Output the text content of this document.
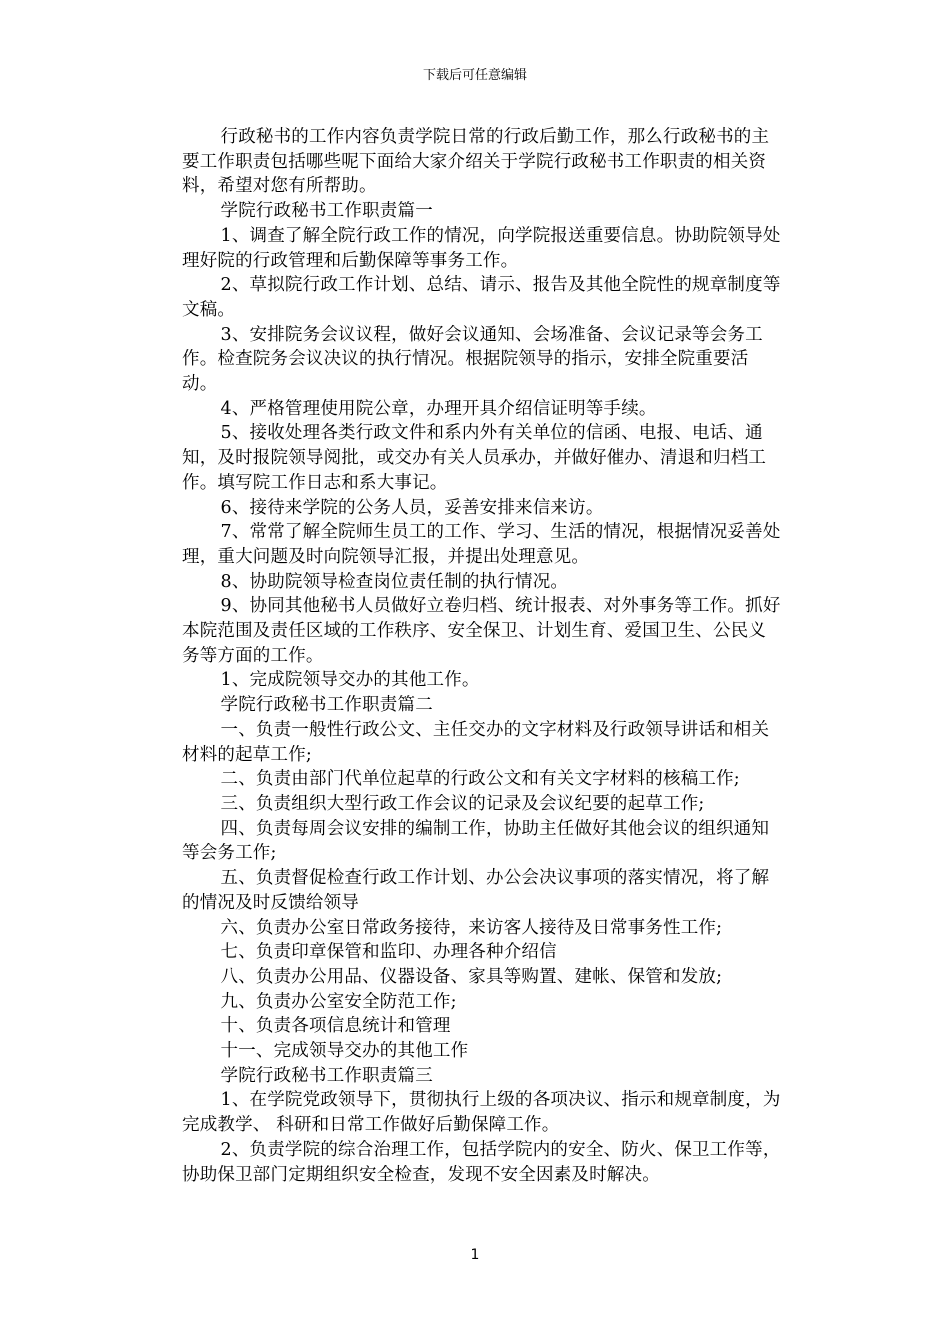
下载后可任意编辑

行政秘书的工作内容负责学院日常的行政后勤工作，那么行政秘书的主要工作职责包括哪些呢下面给大家介绍关于学院行政秘书工作职责的相关资料，希望对您有所帮助。

学院行政秘书工作职责篇一

1、调查了解全院行政工作的情况，向学院报送重要信息。协助院领导处理好院的行政管理和后勤保障等事务工作。

2、草拟院行政工作计划、总结、请示、报告及其他全院性的规章制度等文稿。

3、安排院务会议议程，做好会议通知、会场准备、会议记录等会务工作。检查院务会议决议的执行情况。根据院领导的指示，安排全院重要活动。

4、严格管理使用院公章，办理开具介绍信证明等手续。

5、接收处理各类行政文件和系内外有关单位的信函、电报、电话、通知，及时报院领导阅批，或交办有关人员承办，并做好催办、清退和归档工作。填写院工作日志和系大事记。

6、接待来学院的公务人员，妥善安排来信来访。

7、常常了解全院师生员工的工作、学习、生活的情况，根据情况妥善处理，重大问题及时向院领导汇报，并提出处理意见。

8、协助院领导检查岗位责任制的执行情况。

9、协同其他秘书人员做好立卷归档、统计报表、对外事务等工作。抓好本院范围及责任区域的工作秩序、安全保卫、计划生育、爱国卫生、公民义务等方面的工作。

1、完成院领导交办的其他工作。

学院行政秘书工作职责篇二

一、负责一般性行政公文、主任交办的文字材料及行政领导讲话和相关材料的起草工作;

二、负责由部门代单位起草的行政公文和有关文字材料的核稿工作;

三、负责组织大型行政工作会议的记录及会议纪要的起草工作;

四、负责每周会议安排的编制工作，协助主任做好其他会议的组织通知等会务工作;

五、负责督促检查行政工作计划、办公会决议事项的落实情况，将了解的情况及时反馈给领导

六、负责办公室日常政务接待，来访客人接待及日常事务性工作;

七、负责印章保管和监印、办理各种介绍信

八、负责办公用品、仪器设备、家具等购置、建帐、保管和发放;

九、负责办公室安全防范工作;

十、负责各项信息统计和管理

十一、完成领导交办的其他工作

学院行政秘书工作职责篇三

1、在学院党政领导下，贯彻执行上级的各项决议、指示和规章制度，为完成教学、 科研和日常工作做好后勤保障工作。

2、负责学院的综合治理工作，包括学院内的安全、防火、保卫工作等，协助保卫部门定期组织安全检查，发现不安全因素及时解决。

1
